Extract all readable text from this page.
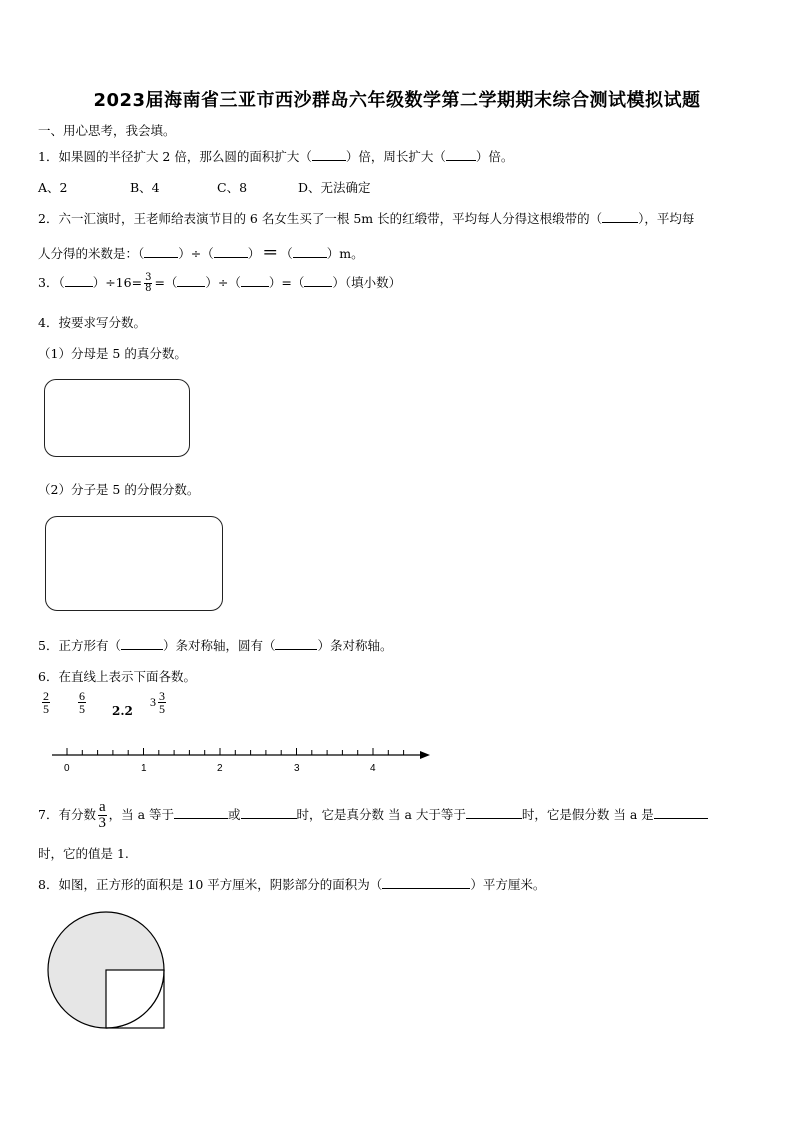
2023届海南省三亚市西沙群岛六年级数学第二学期期末综合测试模拟试题
一、用心思考，我会填。
1．如果圆的半径扩大 2 倍，那么圆的面积扩大（	）倍，周长扩大（ ）倍。
A、2	B、4	C、8	D、无法确定
2．六一汇演时，王老师给表演节目的 6 名女生买了一根 5m 长的红缎带，平均每人分得这根缎带的（	），平均每
人分得的米数是：（	）÷（	） ＝ （	）m。
3．（ ）$\div 16= \frac{3}{8}$ =（ ）÷（ ）=（ ）（填小数）
4．按要求写分数。
（1）分母是 5 的真分数。
（2）分子是 5 的分假分数。
5．正方形有（	）条对称轴，圆有（	）条对称轴。
6．在直线上表示下面各数。
$\frac{2}{5} \frac{6}{5} 2.2$
$3 \frac{3}{5}$
0	1	2	3	4
7．有分数 $\frac{a}{3}$ ，当 a 等于	或	时，它是真分数 当 a 大于等于	时，它是假分数 当 a 是
时，它的值是 1.
8．如图，正方形的面积是 10 平方厘米，阴影部分的面积为（	）平方厘米。
